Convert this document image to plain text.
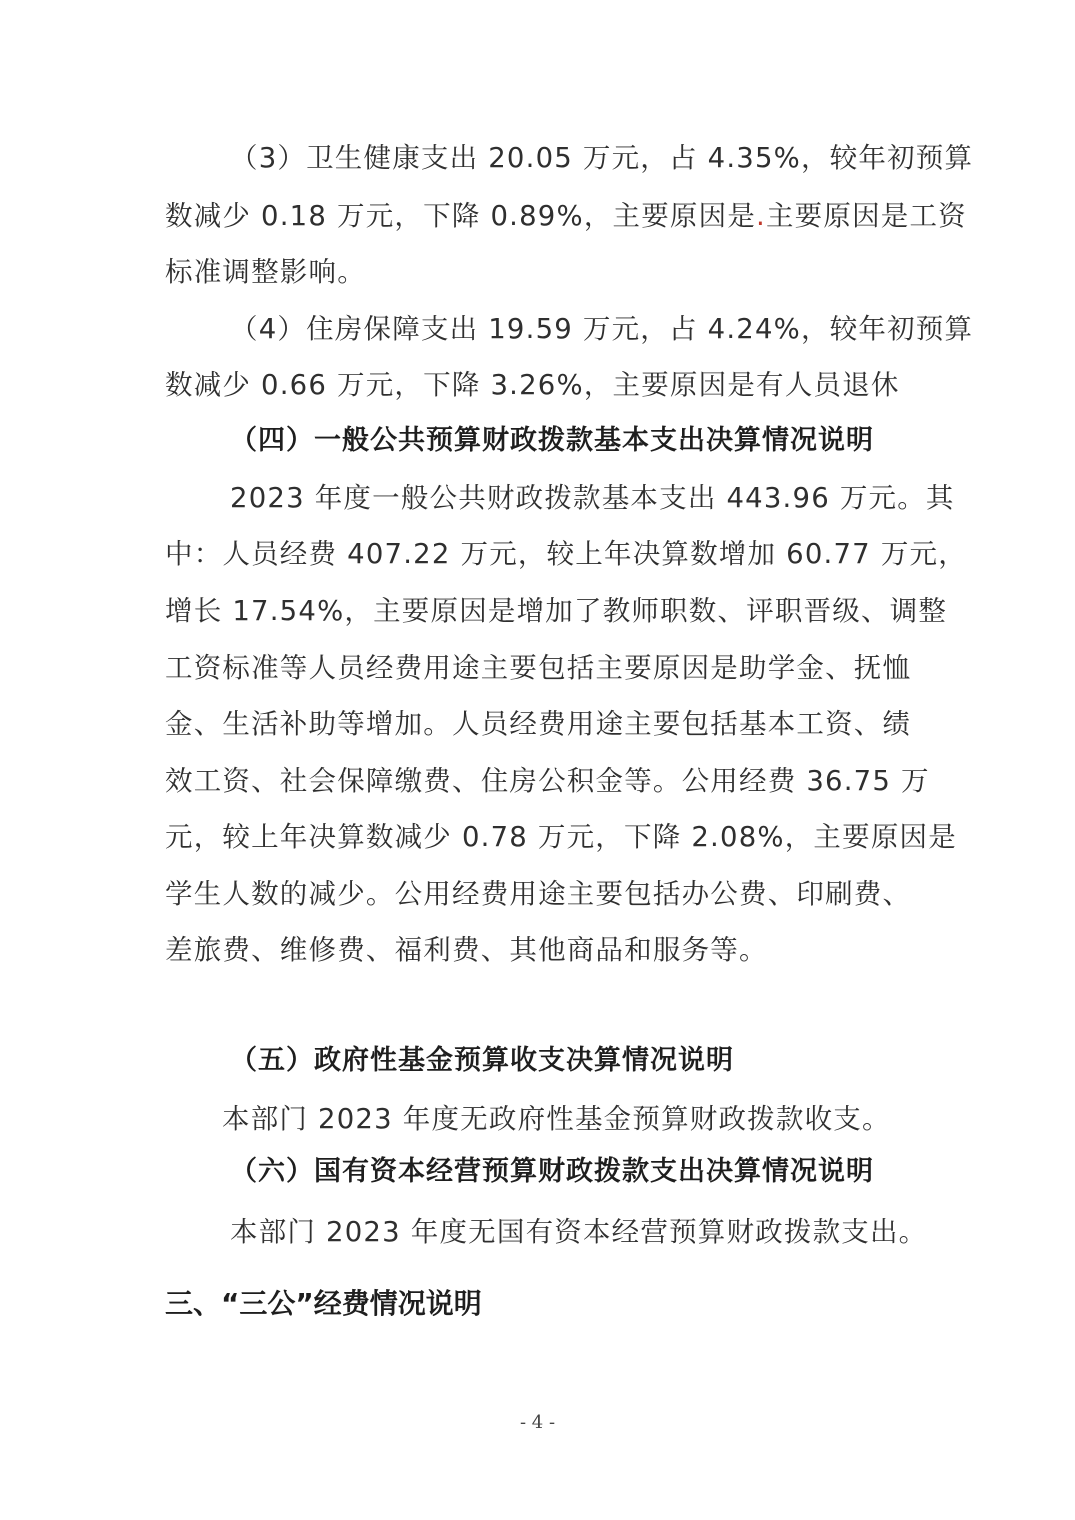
（3）卫生健康支出 20.05 万元，占 4.35%，较年初预算
数减少 0.18 万元，下降 0.89%，主要原因是.主要原因是工资
标准调整影响。
（4）住房保障支出 19.59 万元，占 4.24%，较年初预算
数减少 0.66 万元，下降 3.26%，主要原因是有人员退休
（四）一般公共预算财政拨款基本支出决算情况说明
2023 年度一般公共财政拨款基本支出 443.96 万元。其
中：人员经费 407.22 万元，较上年决算数增加 60.77 万元，
增长 17.54%，主要原因是增加了教师职数、评职晋级、调整
工资标准等人员经费用途主要包括主要原因是助学金、抚恤
金、生活补助等增加。人员经费用途主要包括基本工资、绩
效工资、社会保障缴费、住房公积金等。公用经费 36.75 万
元，较上年决算数减少 0.78 万元，下降 2.08%，主要原因是
学生人数的减少。公用经费用途主要包括办公费、印刷费、
差旅费、维修费、福利费、其他商品和服务等。
（五）政府性基金预算收支决算情况说明
本部门 2023 年度无政府性基金预算财政拨款收支。
（六）国有资本经营预算财政拨款支出决算情况说明
本部门 2023 年度无国有资本经营预算财政拨款支出。
三、“三公”经费情况说明
- 4 -
